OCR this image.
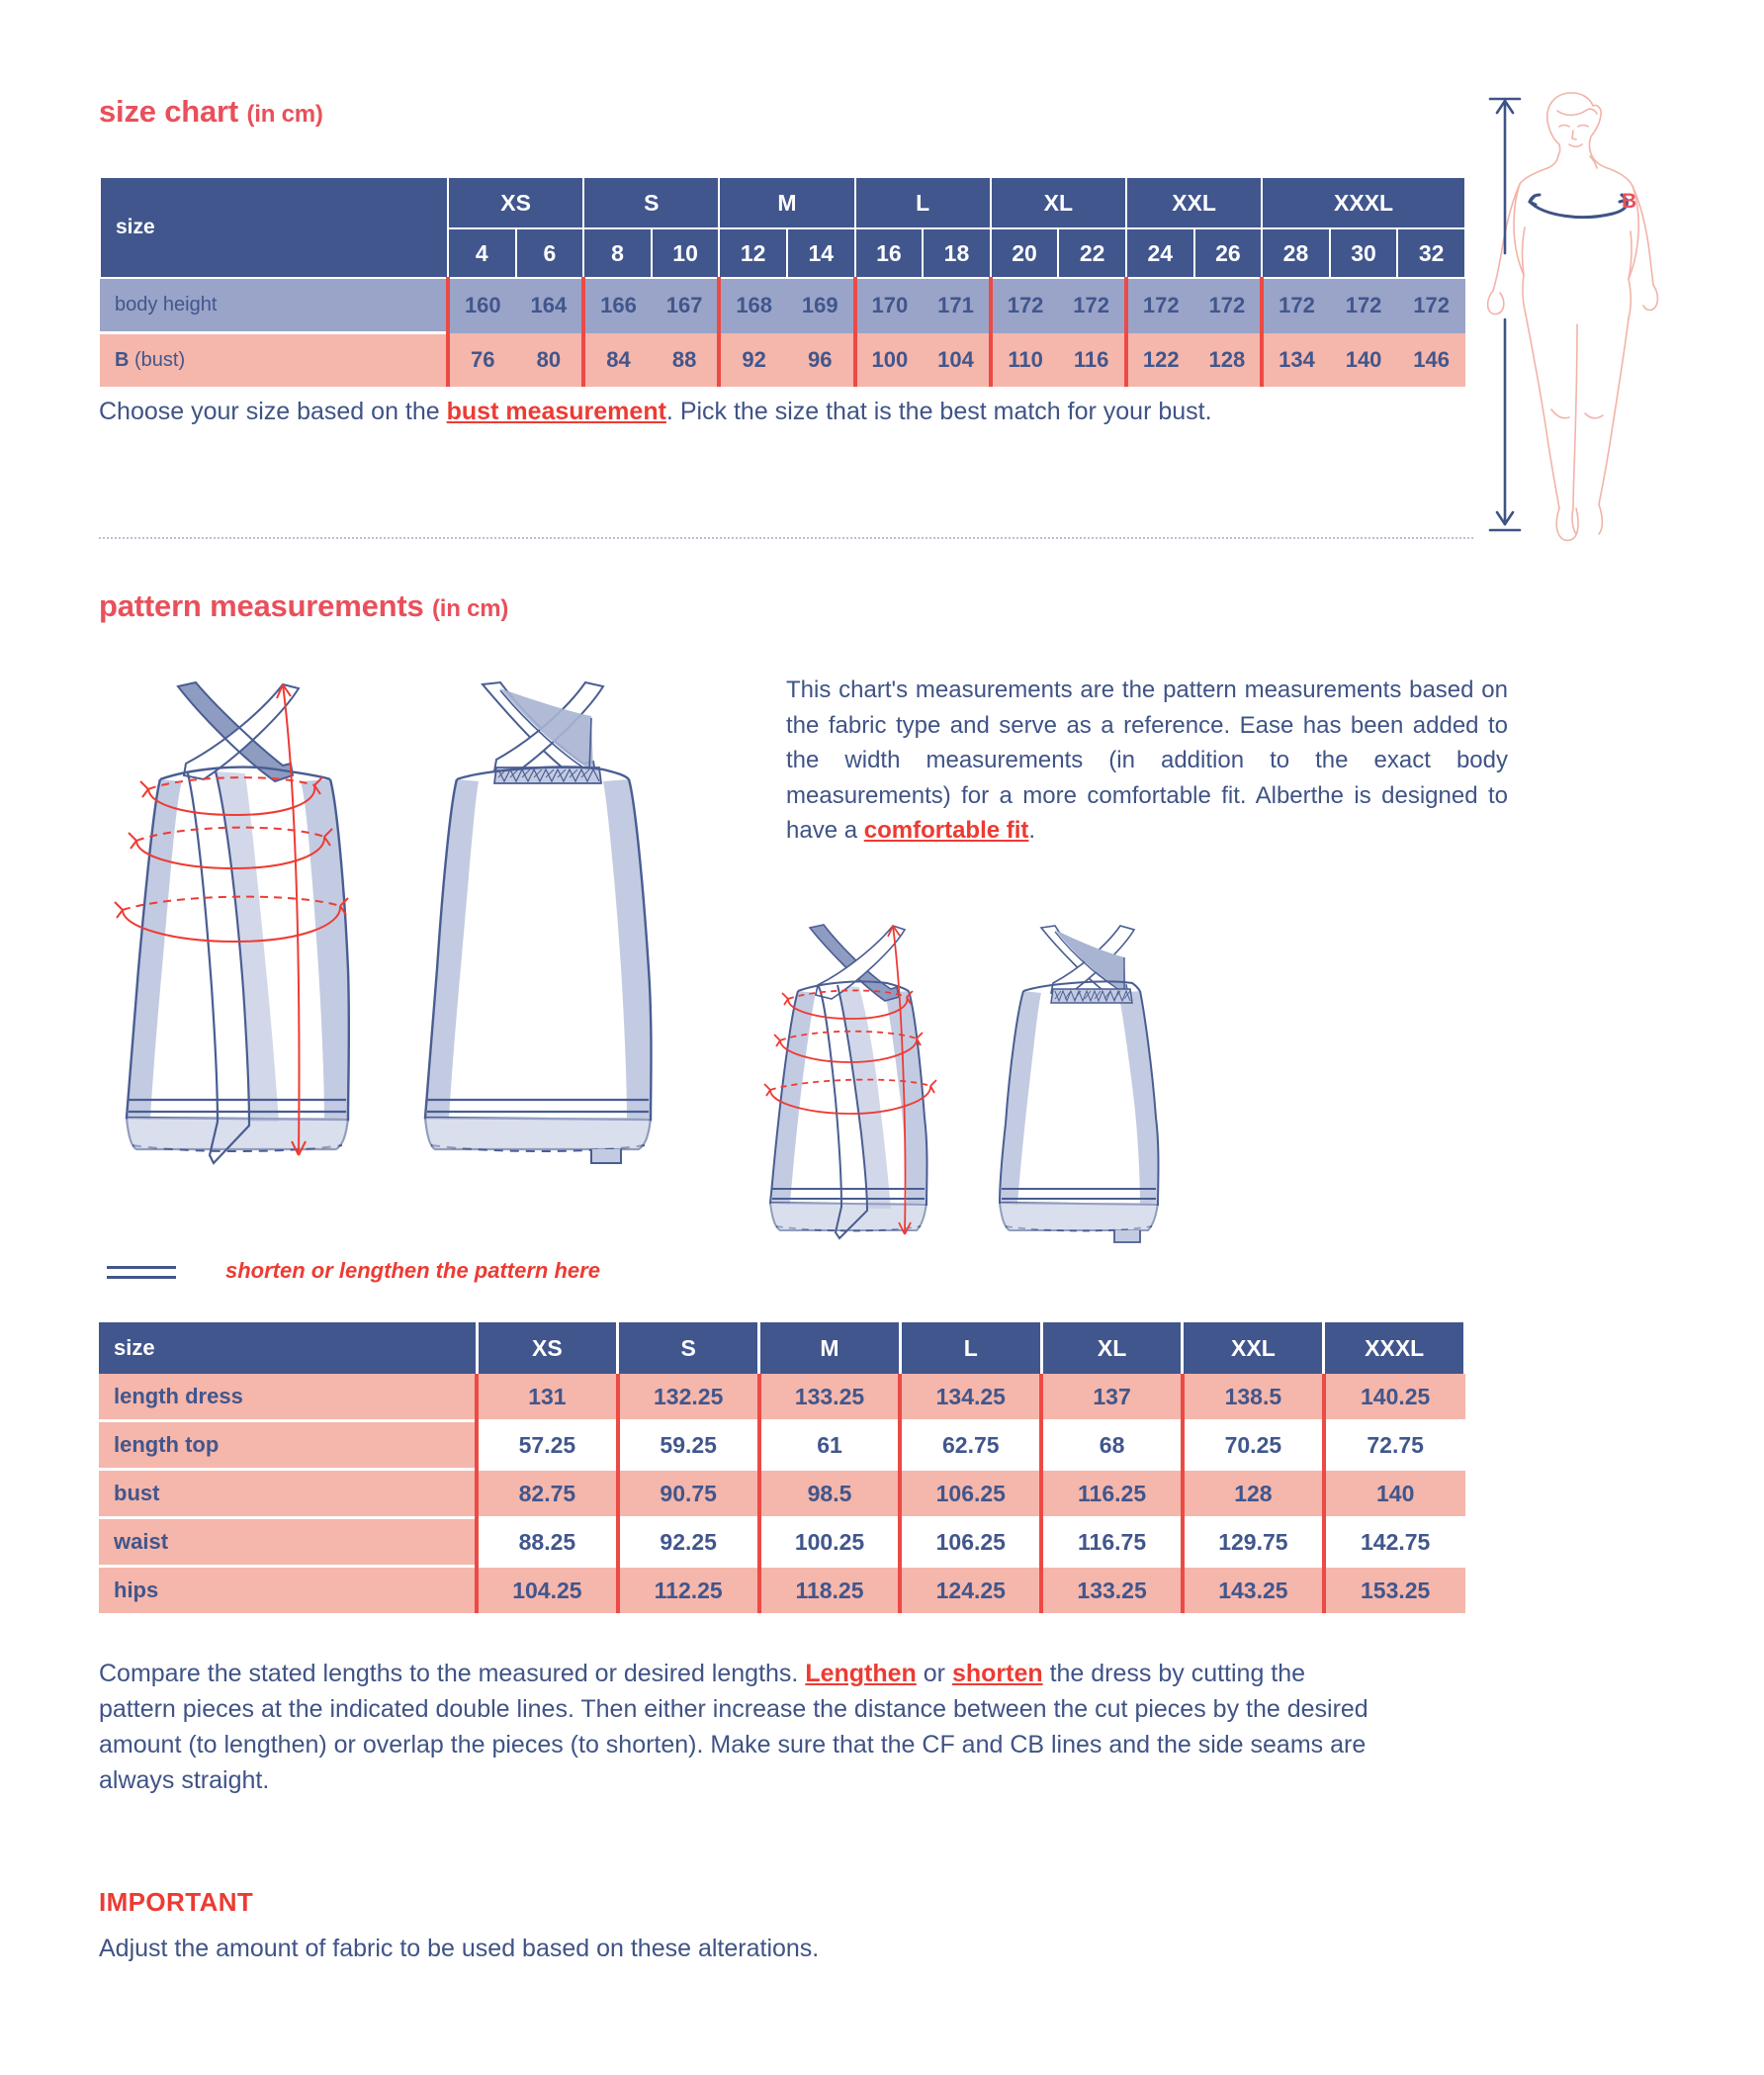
size chart (in cm)
size	XS		S		M		L		XL		XXL		XXXL		
	4	6	8	10	12	14	16	18	20	22	24	26	28	30	32
body height	160	164	166	167	168	169	170	171	172	172	172	172	172	172	172
B (bust)	76	80	84	88	92	96	100	104	110	116	122	128	134	140	146
Choose your size based on the bust measurement. Pick the size that is the best match for your bust.
B
pattern measurements (in cm)
This chart's measurements are the pattern measurements based on the fabric type and serve as a reference. Ease has been added to the width measurements (in addition to the exact body measurements) for a more comfortable fit. Alberthe is designed to have a comfortable fit.
shorten or lengthen the pattern here
size	XS	S	M	L	XL	XXL	XXXL
length dress	131	132.25	133.25	134.25	137	138.5	140.25
length top	57.25	59.25	61	62.75	68	70.25	72.75
bust	82.75	90.75	98.5	106.25	116.25	128	140
waist	88.25	92.25	100.25	106.25	116.75	129.75	142.75
hips	104.25	112.25	118.25	124.25	133.25	143.25	153.25
Compare the stated lengths to the measured or desired lengths. Lengthen or shorten the dress by cutting the pattern pieces at the indicated double lines. Then either increase the distance between the cut pieces by the desired amount (to lengthen) or overlap the pieces (to shorten). Make sure that the CF and CB lines and the side seams are always straight.
IMPORTANT
Adjust the amount of fabric to be used based on these alterations.
